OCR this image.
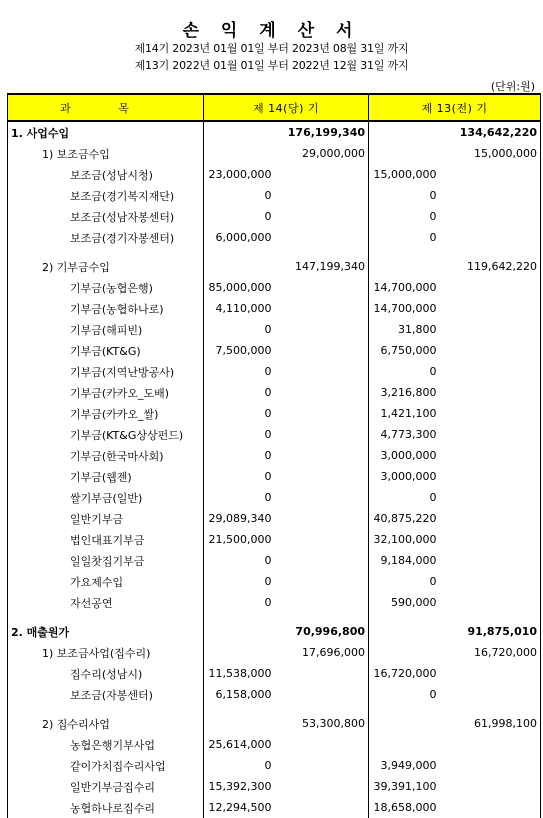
손 익 계 산 서
제14기 2023년 01월 01일 부터 2023년 08월 31일 까지
제13기 2022년 01월 01일 부터 2022년 12월 31일 까지
(단위:원)
과 목	제 14(당) 기		제 13(전) 기	
1. 사업수입		176,199,340		134,642,220
1) 보조금수입		29,000,000		15,000,000
보조금(성남시청)	23,000,000		15,000,000	
보조금(경기복지재단)	0		0	
보조금(성남자봉센터)	0		0	
보조금(경기자봉센터)	6,000,000		0	

2) 기부금수입		147,199,340		119,642,220
기부금(농협은행)	85,000,000		14,700,000	
기부금(농협하나로)	4,110,000		14,700,000	
기부금(해피빈)	0		31,800	
기부금(KT&G)	7,500,000		6,750,000	
기부금(지역난방공사)	0		0	
기부금(카카오_도배)	0		3,216,800	
기부금(카카오_쌀)	0		1,421,100	
기부금(KT&G상상펀드)	0		4,773,300	
기부금(한국마사회)	0		3,000,000	
기부금(웹젠)	0		3,000,000	
쌀기부금(일반)	0		0	
일반기부금	29,089,340		40,875,220	
법인대표기부금	21,500,000		32,100,000	
일일찻집기부금	0		9,184,000	
가요제수입	0		0	
자선공연	0		590,000	

2. 매출원가		70,996,800		91,875,010
1) 보조금사업(집수리)		17,696,000		16,720,000
집수리(성남시)	11,538,000		16,720,000	
보조금(자봉센터)	6,158,000		0	

2) 집수리사업		53,300,800		61,998,100
농협은행기부사업	25,614,000			
같이가치집수리사업	0		3,949,000	
일반기부금집수리	15,392,300		39,391,100	
농협하나로집수리	12,294,500		18,658,000	
